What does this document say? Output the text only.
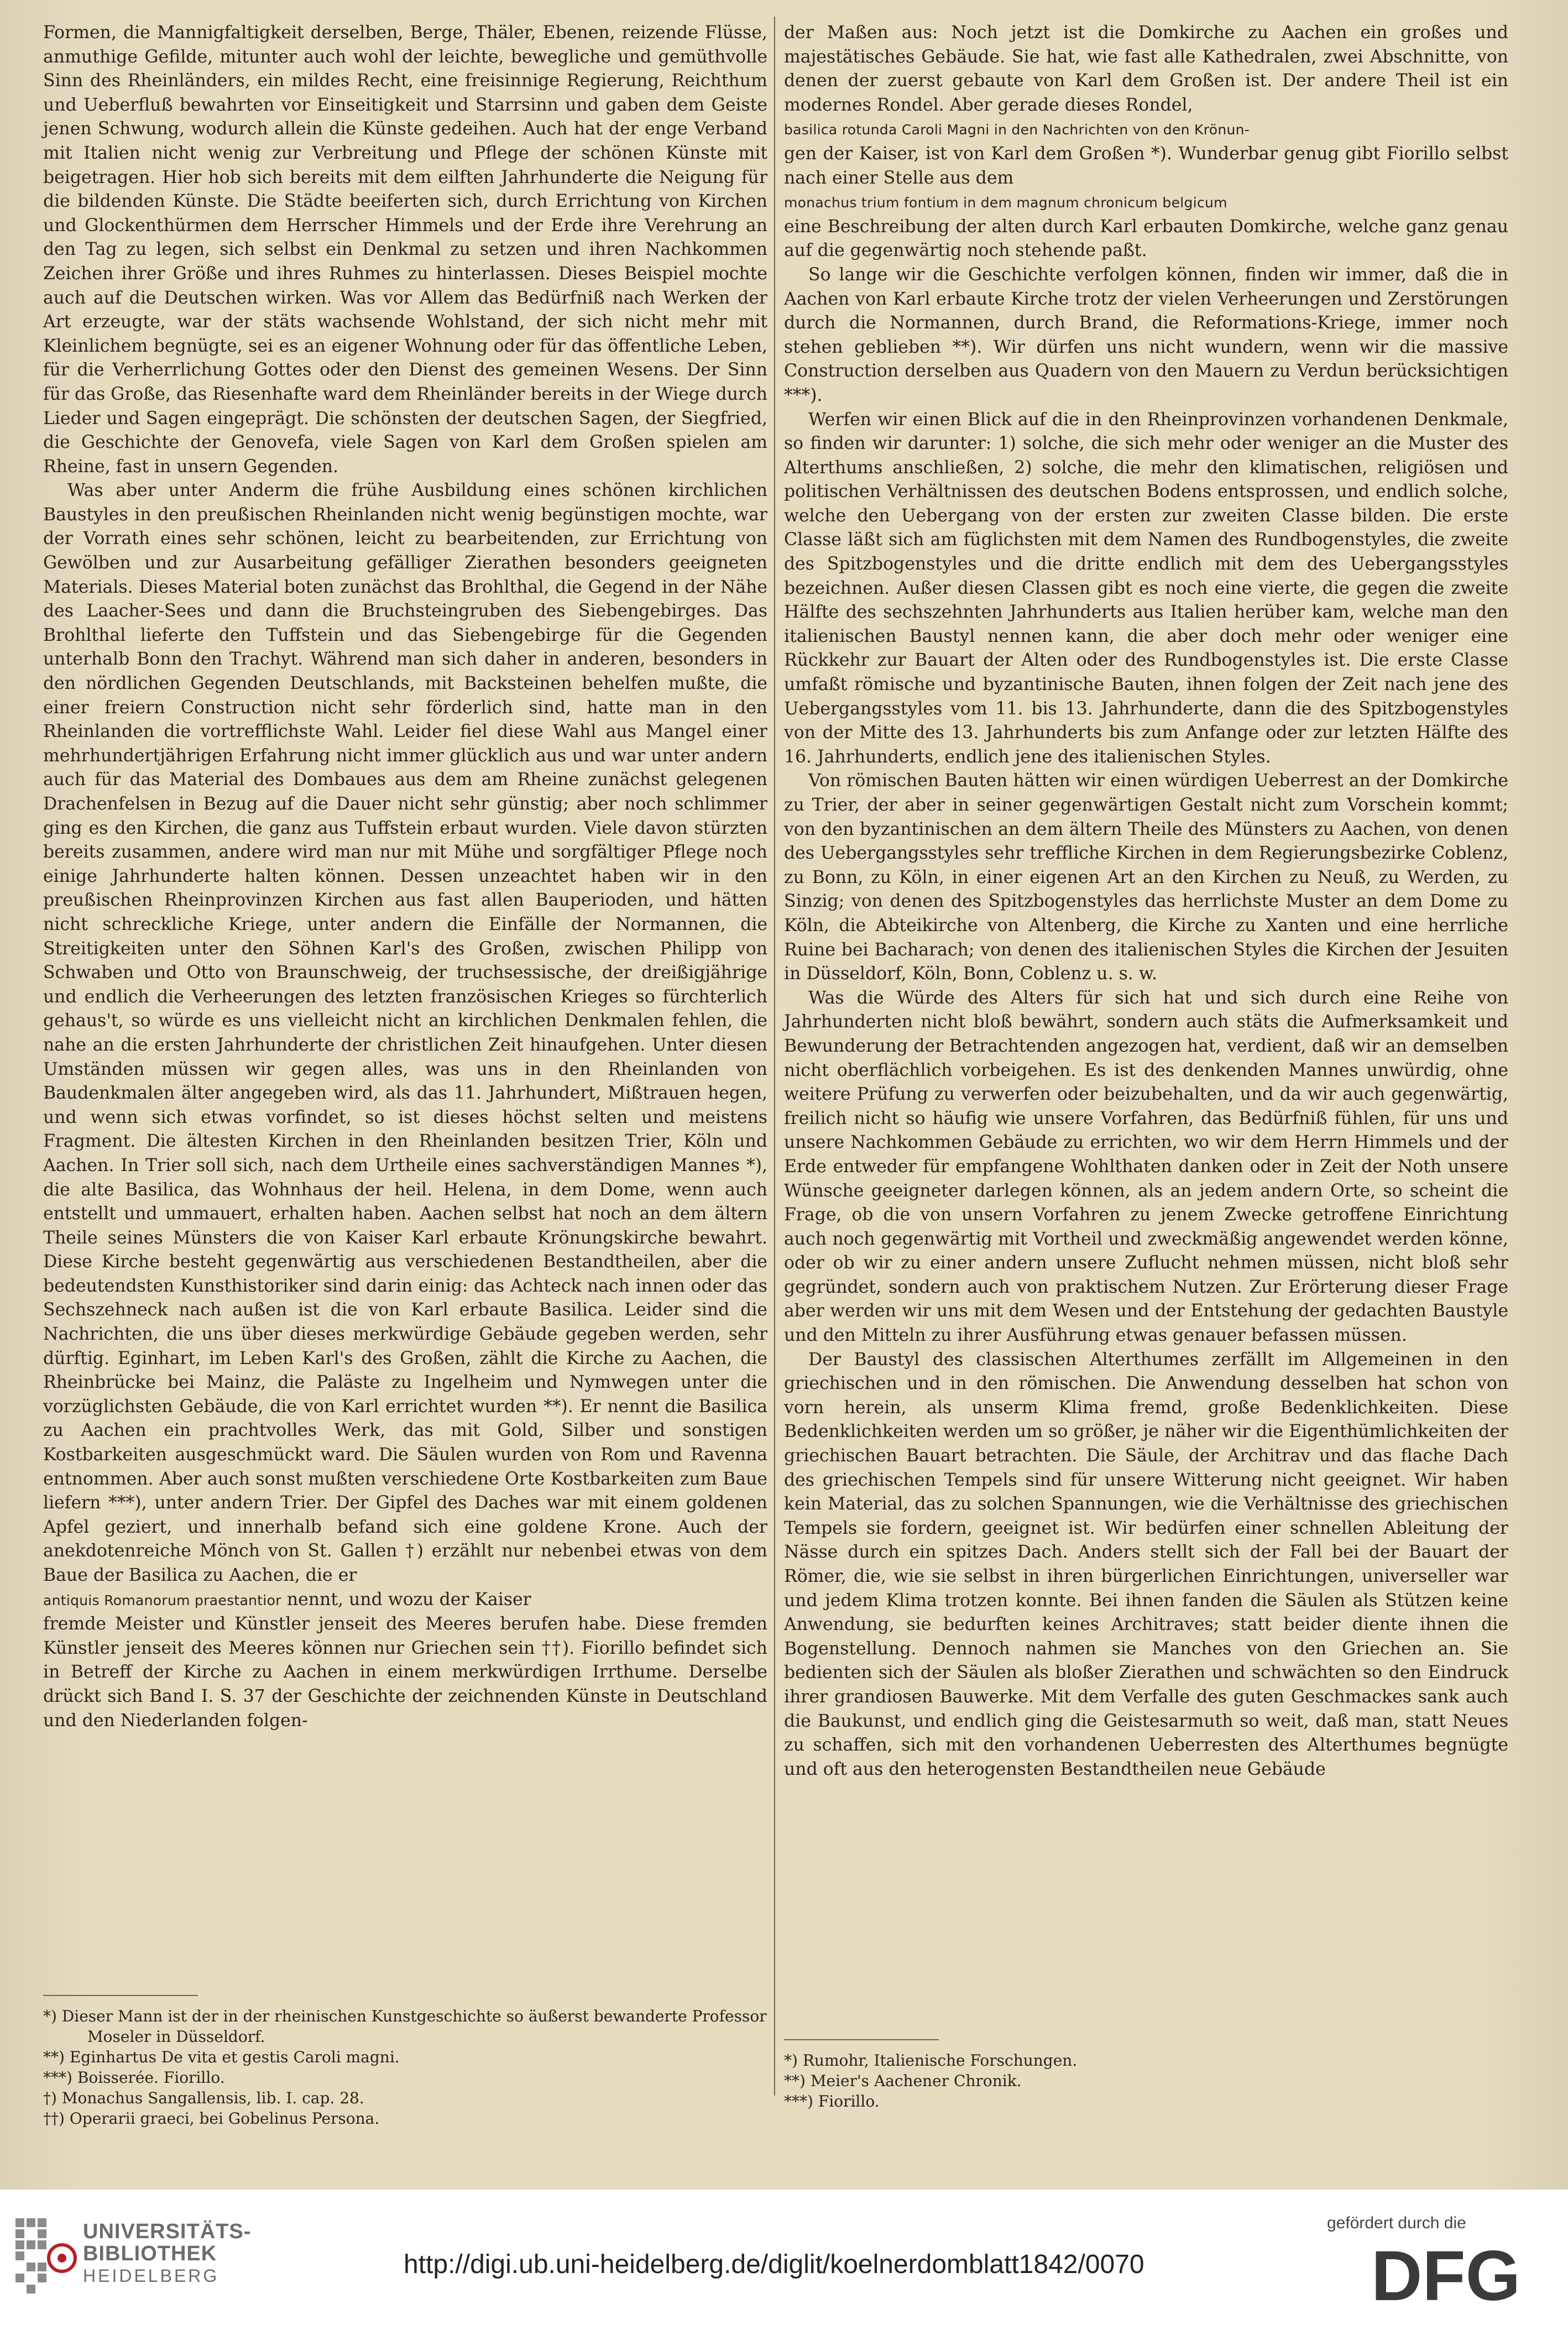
Formen, die Mannigfaltigkeit derselben, Berge, Thäler, Ebenen, reizende Flüsse, anmuthige Gefilde, mitunter auch wohl der leichte, bewegliche und gemüthvolle Sinn des Rheinländers, ein mildes Recht, eine freisinnige Regierung, Reichthum und Ueberfluß bewahrten vor Einseitigkeit und Starrsinn und gaben dem Geiste jenen Schwung, wodurch allein die Künste gedeihen. Auch hat der enge Verband mit Italien nicht wenig zur Verbreitung und Pflege der schönen Künste mit beigetragen. Hier hob sich bereits mit dem eilften Jahrhunderte die Neigung für die bildenden Künste. Die Städte beeiferten sich, durch Errichtung von Kirchen und Glockenthürmen dem Herrscher Himmels und der Erde ihre Verehrung an den Tag zu legen, sich selbst ein Denkmal zu setzen und ihren Nachkommen Zeichen ihrer Größe und ihres Ruhmes zu hinterlassen. Dieses Beispiel mochte auch auf die Deutschen wirken. Was vor Allem das Bedürfniß nach Werken der Art erzeugte, war der stäts wachsende Wohlstand, der sich nicht mehr mit Kleinlichem begnügte, sei es an eigener Wohnung oder für das öffentliche Leben, für die Verherrlichung Gottes oder den Dienst des gemeinen Wesens. Der Sinn für das Große, das Riesenhafte ward dem Rheinländer bereits in der Wiege durch Lieder und Sagen eingeprägt. Die schönsten der deutschen Sagen, der Siegfried, die Geschichte der Genovefa, viele Sagen von Karl dem Großen spielen am Rheine, fast in unsern Gegenden.

Was aber unter Anderm die frühe Ausbildung eines schönen kirchlichen Baustyles in den preußischen Rheinlanden nicht wenig begünstigen mochte, war der Vorrath eines sehr schönen, leicht zu bearbeitenden, zur Errichtung von Gewölben und zur Ausarbeitung gefälliger Zierathen besonders geeigneten Materials. Dieses Material boten zunächst das Brohlthal, die Gegend in der Nähe des Laacher-Sees und dann die Bruchsteingruben des Siebengebirges. Das Brohlthal lieferte den Tuffstein und das Siebengebirge für die Gegenden unterhalb Bonn den Trachyt. Während man sich daher in anderen, besonders in den nördlichen Gegenden Deutschlands, mit Backsteinen behelfen mußte, die einer freiern Construction nicht sehr förderlich sind, hatte man in den Rheinlanden die vortrefflichste Wahl. Leider fiel diese Wahl aus Mangel einer mehrhundertjährigen Erfahrung nicht immer glücklich aus und war unter andern auch für das Material des Dombaues aus dem am Rheine zunächst gelegenen Drachenfelsen in Bezug auf die Dauer nicht sehr günstig; aber noch schlimmer ging es den Kirchen, die ganz aus Tuffstein erbaut wurden. Viele davon stürzten bereits zusammen, andere wird man nur mit Mühe und sorgfältiger Pflege noch einige Jahrhunderte halten können. Dessen unzeachtet haben wir in den preußischen Rheinprovinzen Kirchen aus fast allen Bauperioden, und hätten nicht schreckliche Kriege, unter andern die Einfälle der Normannen, die Streitigkeiten unter den Söhnen Karl's des Großen, zwischen Philipp von Schwaben und Otto von Braunschweig, der truchsessische, der dreißigjährige und endlich die Verheerungen des letzten französischen Krieges so fürchterlich gehaus't, so würde es uns vielleicht nicht an kirchlichen Denkmalen fehlen, die nahe an die ersten Jahrhunderte der christlichen Zeit hinaufgehen. Unter diesen Umständen müssen wir gegen alles, was uns in den Rheinlanden von Baudenkmalen älter angegeben wird, als das 11. Jahrhundert, Mißtrauen hegen, und wenn sich etwas vorfindet, so ist dieses höchst selten und meistens Fragment. Die ältesten Kirchen in den Rheinlanden besitzen Trier, Köln und Aachen. In Trier soll sich, nach dem Urtheile eines sachverständigen Mannes *), die alte Basilica, das Wohnhaus der heil. Helena, in dem Dome, wenn auch entstellt und ummauert, erhalten haben. Aachen selbst hat noch an dem ältern Theile seines Münsters die von Kaiser Karl erbaute Krönungskirche bewahrt. Diese Kirche besteht gegenwärtig aus verschiedenen Bestandtheilen, aber die bedeutendsten Kunsthistoriker sind darin einig: das Achteck nach innen oder das Sechszehneck nach außen ist die von Karl erbaute Basilica. Leider sind die Nachrichten, die uns über dieses merkwürdige Gebäude gegeben werden, sehr dürftig. Eginhart, im Leben Karl's des Großen, zählt die Kirche zu Aachen, die Rheinbrücke bei Mainz, die Paläste zu Ingelheim und Nymwegen unter die vorzüglichsten Gebäude, die von Karl errichtet wurden **). Er nennt die Basilica zu Aachen ein prachtvolles Werk, das mit Gold, Silber und sonstigen Kostbarkeiten ausgeschmückt ward. Die Säulen wurden von Rom und Ravenna entnommen. Aber auch sonst mußten verschiedene Orte Kostbarkeiten zum Baue liefern ***), unter andern Trier. Der Gipfel des Daches war mit einem goldenen Apfel geziert, und innerhalb befand sich eine goldene Krone. Auch der anekdotenreiche Mönch von St. Gallen †) erzählt nur nebenbei etwas von dem Baue der Basilica zu Aachen, die er

antiquis Romanorum praestantior nennt, und wozu der Kaiser

fremde Meister und Künstler jenseit des Meeres berufen habe. Diese fremden Künstler jenseit des Meeres können nur Griechen sein ††). Fiorillo befindet sich in Betreff der Kirche zu Aachen in einem merkwürdigen Irrthume. Derselbe drückt sich Band I. S. 37 der Geschichte der zeichnenden Künste in Deutschland und den Niederlanden folgen-

der Maßen aus: Noch jetzt ist die Domkirche zu Aachen ein großes und majestätisches Gebäude. Sie hat, wie fast alle Kathedralen, zwei Abschnitte, von denen der zuerst gebaute von Karl dem Großen ist. Der andere Theil ist ein modernes Rondel. Aber gerade dieses Rondel,

basilica rotunda Caroli Magni in den Nachrichten von den Krönun-

gen der Kaiser, ist von Karl dem Großen *). Wunderbar genug gibt Fiorillo selbst nach einer Stelle aus dem

monachus trium fontium in dem magnum chronicum belgicum

eine Beschreibung der alten durch Karl erbauten Domkirche, welche ganz genau auf die gegenwärtig noch stehende paßt.

So lange wir die Geschichte verfolgen können, finden wir immer, daß die in Aachen von Karl erbaute Kirche trotz der vielen Verheerungen und Zerstörungen durch die Normannen, durch Brand, die Reformations-Kriege, immer noch stehen geblieben **). Wir dürfen uns nicht wundern, wenn wir die massive Construction derselben aus Quadern von den Mauern zu Verdun berücksichtigen ***).

Werfen wir einen Blick auf die in den Rheinprovinzen vorhandenen Denkmale, so finden wir darunter: 1) solche, die sich mehr oder weniger an die Muster des Alterthums anschließen, 2) solche, die mehr den klimatischen, religiösen und politischen Verhältnissen des deutschen Bodens entsprossen, und endlich solche, welche den Uebergang von der ersten zur zweiten Classe bilden. Die erste Classe läßt sich am füglichsten mit dem Namen des Rundbogenstyles, die zweite des Spitzbogenstyles und die dritte endlich mit dem des Uebergangsstyles bezeichnen. Außer diesen Classen gibt es noch eine vierte, die gegen die zweite Hälfte des sechszehnten Jahrhunderts aus Italien herüber kam, welche man den italienischen Baustyl nennen kann, die aber doch mehr oder weniger eine Rückkehr zur Bauart der Alten oder des Rundbogenstyles ist. Die erste Classe umfaßt römische und byzantinische Bauten, ihnen folgen der Zeit nach jene des Uebergangsstyles vom 11. bis 13. Jahrhunderte, dann die des Spitzbogenstyles von der Mitte des 13. Jahrhunderts bis zum Anfange oder zur letzten Hälfte des 16. Jahrhunderts, endlich jene des italienischen Styles.

Von römischen Bauten hätten wir einen würdigen Ueberrest an der Domkirche zu Trier, der aber in seiner gegenwärtigen Gestalt nicht zum Vorschein kommt; von den byzantinischen an dem ältern Theile des Münsters zu Aachen, von denen des Uebergangsstyles sehr treffliche Kirchen in dem Regierungsbezirke Coblenz, zu Bonn, zu Köln, in einer eigenen Art an den Kirchen zu Neuß, zu Werden, zu Sinzig; von denen des Spitzbogenstyles das herrlichste Muster an dem Dome zu Köln, die Abteikirche von Altenberg, die Kirche zu Xanten und eine herrliche Ruine bei Bacharach; von denen des italienischen Styles die Kirchen der Jesuiten in Düsseldorf, Köln, Bonn, Coblenz u. s. w.

Was die Würde des Alters für sich hat und sich durch eine Reihe von Jahrhunderten nicht bloß bewährt, sondern auch stäts die Aufmerksamkeit und Bewunderung der Betrachtenden angezogen hat, verdient, daß wir an demselben nicht oberflächlich vorbeigehen. Es ist des denkenden Mannes unwürdig, ohne weitere Prüfung zu verwerfen oder beizubehalten, und da wir auch gegenwärtig, freilich nicht so häufig wie unsere Vorfahren, das Bedürfniß fühlen, für uns und unsere Nachkommen Gebäude zu errichten, wo wir dem Herrn Himmels und der Erde entweder für empfangene Wohlthaten danken oder in Zeit der Noth unsere Wünsche geeigneter darlegen können, als an jedem andern Orte, so scheint die Frage, ob die von unsern Vorfahren zu jenem Zwecke getroffene Einrichtung auch noch gegenwärtig mit Vortheil und zweckmäßig angewendet werden könne, oder ob wir zu einer andern unsere Zuflucht nehmen müssen, nicht bloß sehr gegründet, sondern auch von praktischem Nutzen. Zur Erörterung dieser Frage aber werden wir uns mit dem Wesen und der Entstehung der gedachten Baustyle und den Mitteln zu ihrer Ausführung etwas genauer befassen müssen.

Der Baustyl des classischen Alterthumes zerfällt im Allgemeinen in den griechischen und in den römischen. Die Anwendung desselben hat schon von vorn herein, als unserm Klima fremd, große Bedenklichkeiten. Diese Bedenklichkeiten werden um so größer, je näher wir die Eigenthümlichkeiten der griechischen Bauart betrachten. Die Säule, der Architrav und das flache Dach des griechischen Tempels sind für unsere Witterung nicht geeignet. Wir haben kein Material, das zu solchen Spannungen, wie die Verhältnisse des griechischen Tempels sie fordern, geeignet ist. Wir bedürfen einer schnellen Ableitung der Nässe durch ein spitzes Dach. Anders stellt sich der Fall bei der Bauart der Römer, die, wie sie selbst in ihren bürgerlichen Einrichtungen, universeller war und jedem Klima trotzen konnte. Bei ihnen fanden die Säulen als Stützen keine Anwendung, sie bedurften keines Architraves; statt beider diente ihnen die Bogenstellung. Dennoch nahmen sie Manches von den Griechen an. Sie bedienten sich der Säulen als bloßer Zierathen und schwächten so den Eindruck ihrer grandiosen Bauwerke. Mit dem Verfalle des guten Geschmackes sank auch die Baukunst, und endlich ging die Geistesarmuth so weit, daß man, statt Neues zu schaffen, sich mit den vorhandenen Ueberresten des Alterthumes begnügte und oft aus den heterogensten Bestandtheilen neue Gebäude

*) Dieser Mann ist der in der rheinischen Kunstgeschichte so äußerst bewanderte Professor Moseler in Düsseldorf.

**) Eginhartus De vita et gestis Caroli magni.

***) Boisserée. Fiorillo.

†) Monachus Sangallensis, lib. I. cap. 28.

††) Operarii graeci, bei Gobelinus Persona.

*) Rumohr, Italienische Forschungen.

**) Meier's Aachener Chronik.

***) Fiorillo.

UNIVERSITÄTS-
BIBLIOTHEK
HEIDELBERG	http://digi.ub.uni-heidelberg.de/diglit/koelnerdomblatt1842/0070
gefördert durch die
DFG
